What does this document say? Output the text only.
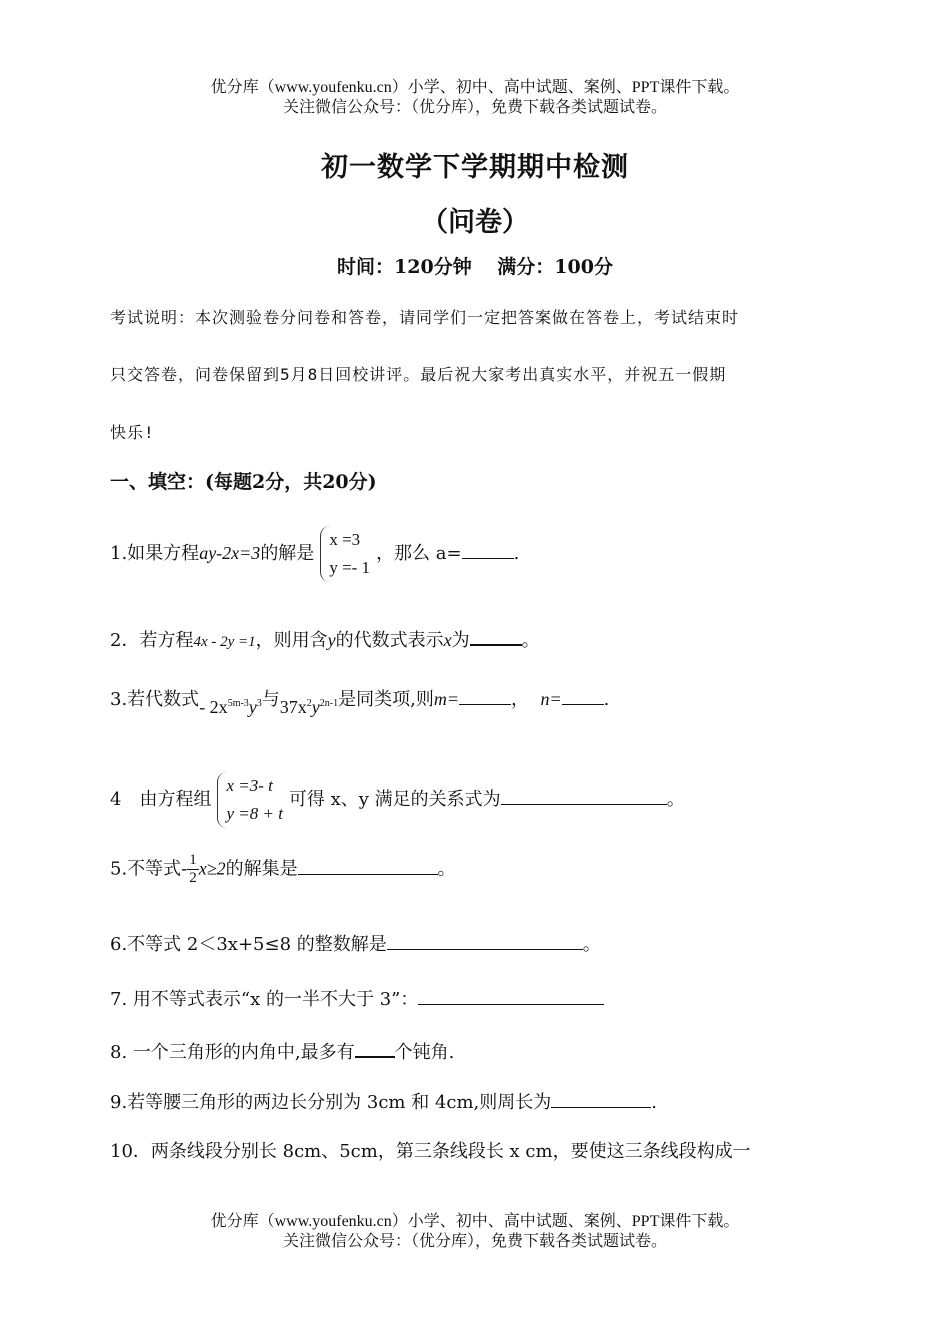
优分库（www.youfenku.cn）小学、初中、高中试题、案例、PPT课件下载。
关注微信公众号：（优分库），免费下载各类试题试卷。
初一数学下学期期中检测
（问卷）
时间：120分钟　 满分：100分
考试说明：本次测验卷分问卷和答卷，请同学们一定把答案做在答卷上，考试结束时
只交答卷，问卷保留到5月8日回校讲评。最后祝大家考出真实水平，并祝五一假期
快乐!
一、填空：(每题2分，共20分)
1.如果方程ay-2x=3的解是
x =3
y =- 1
，那么 a=	.
2．若方程4x - 2y =1，则用含y的代数式表示x为	。
3.若代数式- $2x^{5m-3}y^3$与$37x^2y^{2n-1}$是同类项,则m=	， n= .
4　由方程组
x =3- t
y =8 + t
可得 x、y 满足的关系式为	。
5.不等式- $\frac{1}{2} x\ge 2$的解集是	。
6.不等式 2＜3x+5≤8 的整数解是	。
7. 用不等式表示“x 的一半不大于 3”：
8. 一个三角形的内角中,最多有 个钝角.
9.若等腰三角形的两边长分别为 3cm 和 4cm,则周长为	.
10．两条线段分别长 8cm、5cm，第三条线段长 x cm，要使这三条线段构成一
优分库（www.youfenku.cn）小学、初中、高中试题、案例、PPT课件下载。
关注微信公众号：（优分库），免费下载各类试题试卷。
